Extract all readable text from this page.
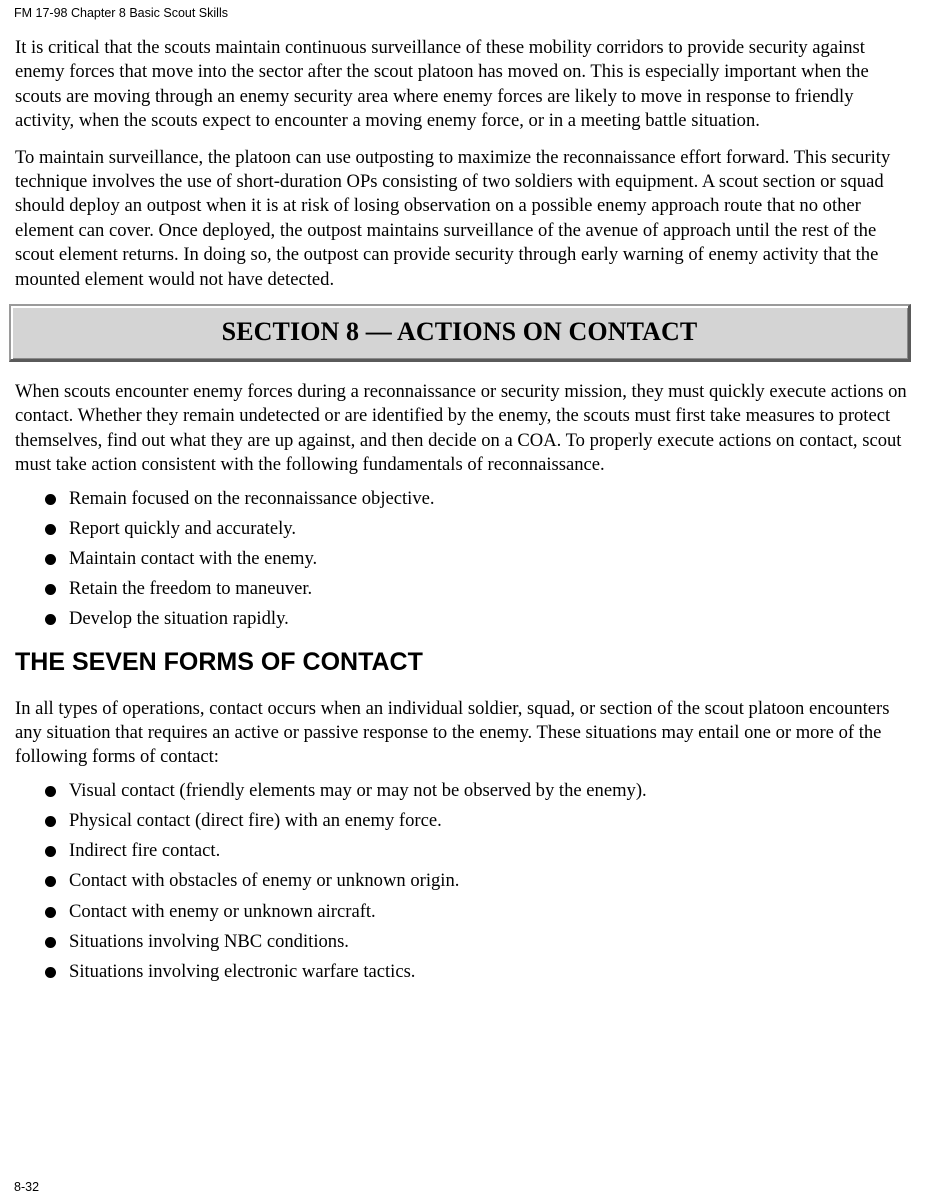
FM 17-98 Chapter 8 Basic Scout Skills

It is critical that the scouts maintain continuous surveillance of these mobility corridors to provide security against enemy forces that move into the sector after the scout platoon has moved on. This is especially important when the scouts are moving through an enemy security area where enemy forces are likely to move in response to friendly activity, when the scouts expect to encounter a moving enemy force, or in a meeting battle situation.

To maintain surveillance, the platoon can use outposting to maximize the reconnaissance effort forward. This security technique involves the use of short-duration OPs consisting of two soldiers with equipment. A scout section or squad should deploy an outpost when it is at risk of losing observation on a possible enemy approach route that no other element can cover. Once deployed, the outpost maintains surveillance of the avenue of approach until the rest of the scout element returns. In doing so, the outpost can provide security through early warning of enemy activity that the mounted element would not have detected.

SECTION 8 — ACTIONS ON CONTACT

When scouts encounter enemy forces during a reconnaissance or security mission, they must quickly execute actions on contact. Whether they remain undetected or are identified by the enemy, the scouts must first take measures to protect themselves, find out what they are up against, and then decide on a COA. To properly execute actions on contact, scout must take action consistent with the following fundamentals of reconnaissance.

Remain focused on the reconnaissance objective.
Report quickly and accurately.
Maintain contact with the enemy.
Retain the freedom to maneuver.
Develop the situation rapidly.
THE SEVEN FORMS OF CONTACT

In all types of operations, contact occurs when an individual soldier, squad, or section of the scout platoon encounters any situation that requires an active or passive response to the enemy. These situations may entail one or more of the following forms of contact:

Visual contact (friendly elements may or may not be observed by the enemy).
Physical contact (direct fire) with an enemy force.
Indirect fire contact.
Contact with obstacles of enemy or unknown origin.
Contact with enemy or unknown aircraft.
Situations involving NBC conditions.
Situations involving electronic warfare tactics.
8-32
